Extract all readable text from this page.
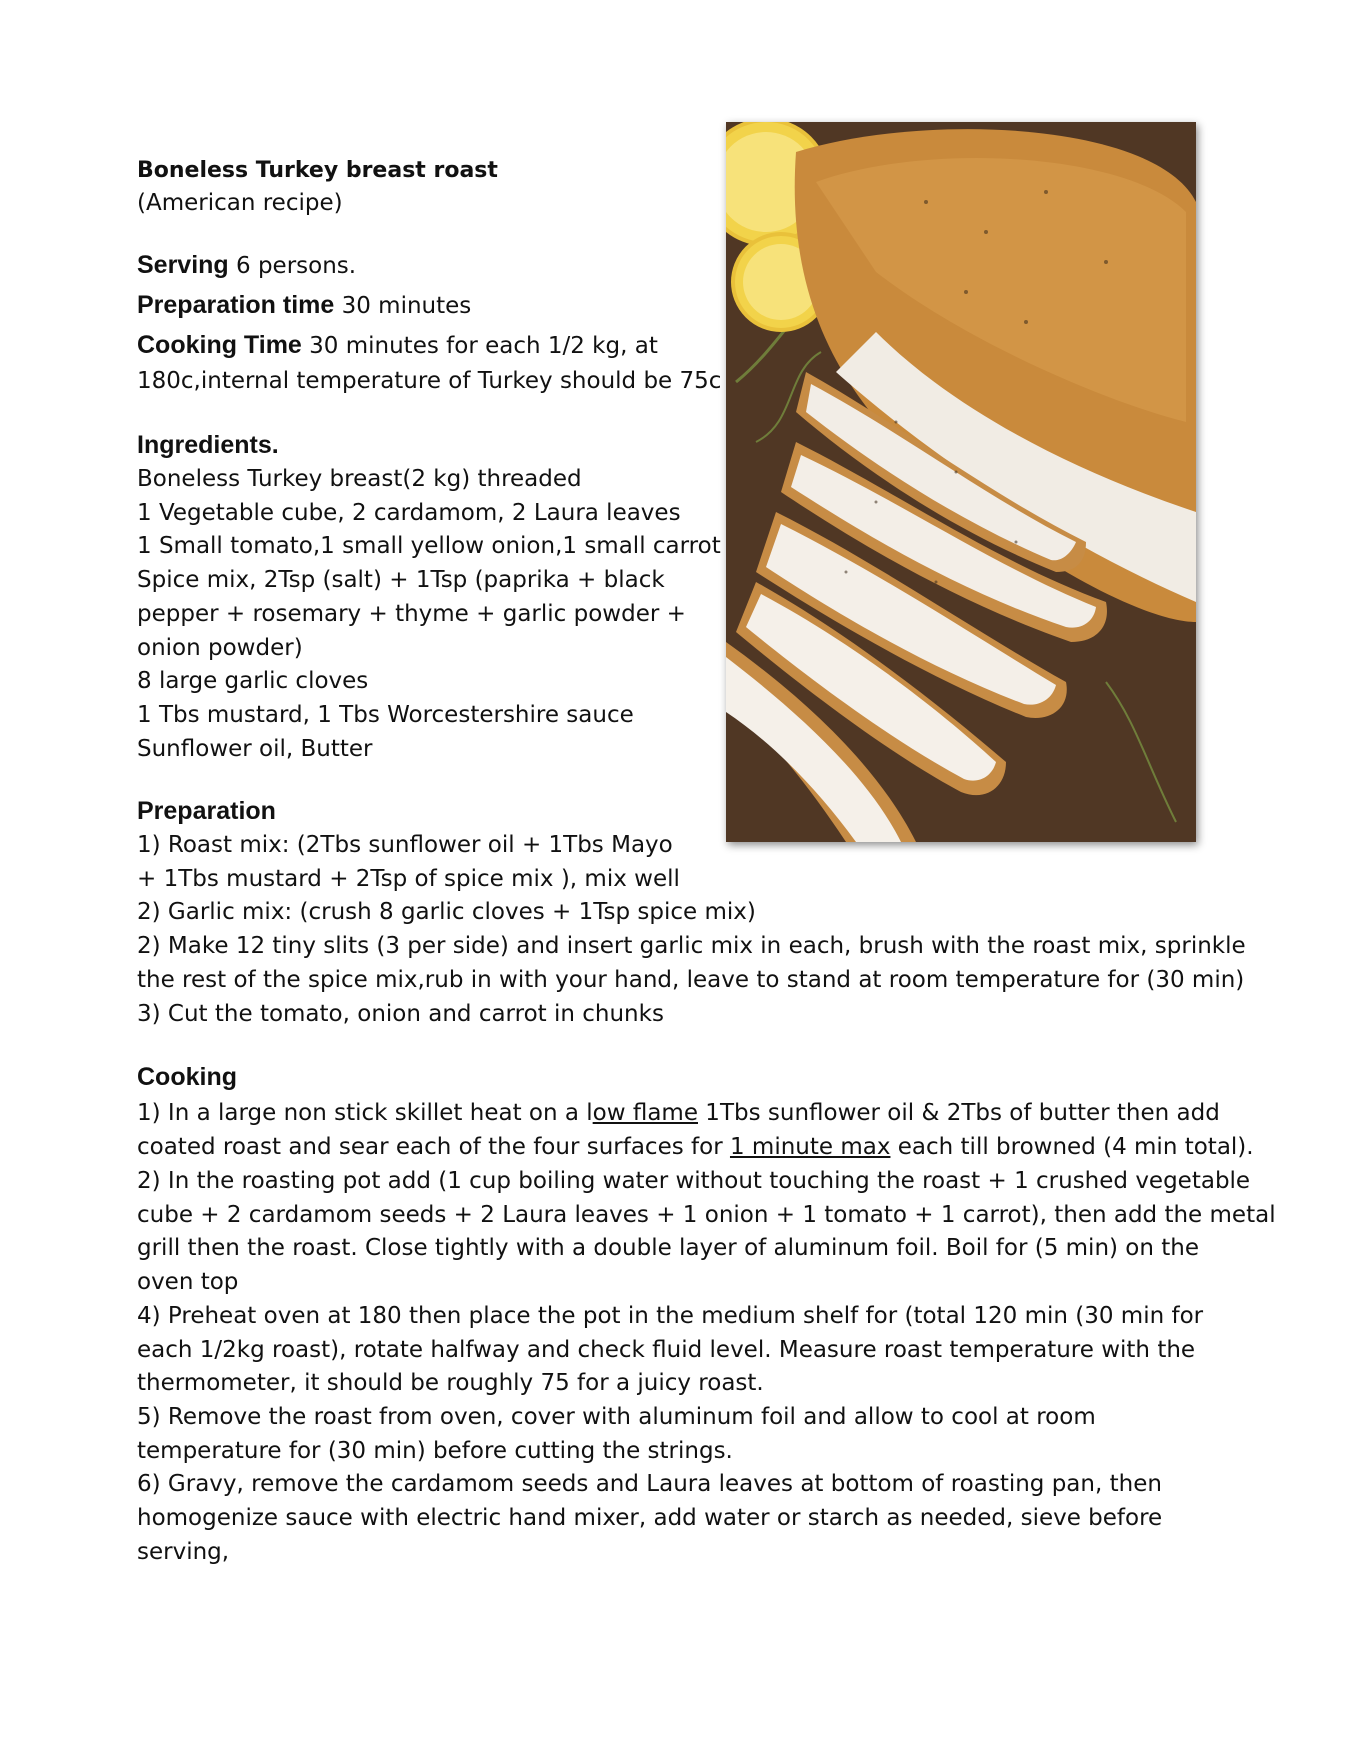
Boneless Turkey breast roast
(American recipe)
Serving 6 persons.
Preparation time 30 minutes
Cooking Time 30 minutes for each 1/2 kg, at
180c,internal temperature of Turkey should be 75c
Ingredients.
Boneless Turkey breast(2 kg) threaded
1 Vegetable cube, 2 cardamom, 2 Laura leaves
1 Small tomato,1 small yellow onion,1 small carrot
Spice mix, 2Tsp (salt) + 1Tsp (paprika + black
pepper + rosemary + thyme + garlic powder +
onion powder)
8 large garlic cloves
1 Tbs mustard, 1 Tbs Worcestershire sauce
Sunflower oil, Butter
Preparation
1) Roast mix: (2Tbs sunflower oil + 1Tbs Mayo
+ 1Tbs mustard + 2Tsp of spice mix ), mix well
2) Garlic mix: (crush 8 garlic cloves + 1Tsp spice mix)
2) Make 12 tiny slits (3 per side) and insert garlic mix in each, brush with the roast mix, sprinkle
the rest of the spice mix,rub in with your hand, leave to stand at room temperature for (30 min)
3) Cut the tomato, onion and carrot in chunks
Cooking
1) In a large non stick skillet heat on a low flame 1Tbs sunflower oil & 2Tbs of butter then add
coated roast and sear each of the four surfaces for 1 minute max each till browned (4 min total).
2) In the roasting pot add (1 cup boiling water without touching the roast + 1 crushed vegetable
cube + 2 cardamom seeds + 2 Laura leaves + 1 onion + 1 tomato + 1 carrot), then add the metal
grill then the roast. Close tightly with a double layer of aluminum foil. Boil for (5 min) on the
oven top
4) Preheat oven at 180 then place the pot in the medium shelf for (total 120 min (30 min for
each 1/2kg roast), rotate halfway and check fluid level. Measure roast temperature with the
thermometer, it should be roughly 75 for a juicy roast.
5) Remove the roast from oven, cover with aluminum foil and allow to cool at room
temperature for (30 min) before cutting the strings.
6) Gravy, remove the cardamom seeds and Laura leaves at bottom of roasting pan, then
homogenize sauce with electric hand mixer, add water or starch as needed, sieve before
serving,
